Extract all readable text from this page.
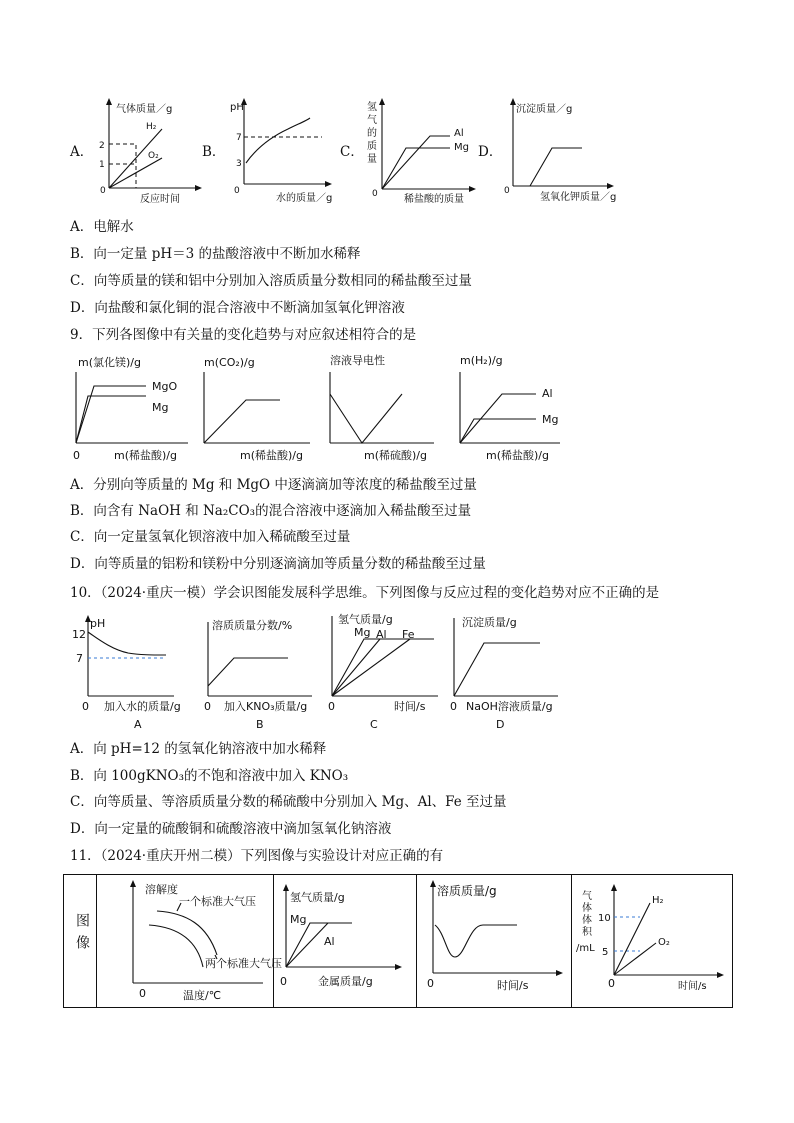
A．
气体质量／g
2
1
0
H₂
O₂
反应时间
B．
pH
7
3
0
水的质量／g
C．
氢
气
的
质
量
0
Al
Mg
稀盐酸的质量
D．
沉淀质量／g
0
氢氧化钾质量／g
A．电解水
B．向一定量 pH＝3 的盐酸溶液中不断加水稀释
C．向等质量的镁和铝中分别加入溶质质量分数相同的稀盐酸至过量
D．向盐酸和氯化铜的混合溶液中不断滴加氢氧化钾溶液
9．下列各图像中有关量的变化趋势与对应叙述相符合的是
m(氯化镁)/g
0
MgO
Mg
m(稀盐酸)/g
m(CO₂)/g
m(稀盐酸)/g
溶液导电性
m(稀硫酸)/g
m(H₂)/g
Al
Mg
m(稀盐酸)/g
A．分别向等质量的 Mg 和 MgO 中逐滴滴加等浓度的稀盐酸至过量
B．向含有 NaOH 和 Na₂CO₃的混合溶液中逐滴加入稀盐酸至过量
C．向一定量氢氧化钡溶液中加入稀硫酸至过量
D．向等质量的铝粉和镁粉中分别逐滴滴加等质量分数的稀盐酸至过量
10．（2024·重庆一模）学会识图能发展科学思维。下列图像与反应过程的变化趋势对应不正确的是
pH
12
7
0 加入水的质量/g
A
溶质质量分数/%
0 加入KNO₃质量/g
B
氢气质量/g
Mg Al Fe
0	时间/s
C
沉淀质量/g
0 NaOH溶液质量/g
D
A．向 pH=12 的氢氧化钠溶液中加水稀释
B．向 100gKNO₃的不饱和溶液中加入 KNO₃
C．向等质量、等溶质质量分数的稀硫酸中分别加入 Mg、Al、Fe 至过量
D．向一定量的硫酸铜和硫酸溶液中滴加氢氧化钠溶液
11．（2024·重庆开州二模）下列图像与实验设计对应正确的有
图像

溶解度
一个标准大气压
两个标准大气压
0	温度/℃

氢气质量/g
Mg
Al
0	金属质量/g

溶质质量/g
0	时间/s

气
体
体
积
/mL
10
5
H₂
O₂
0	时间/s
